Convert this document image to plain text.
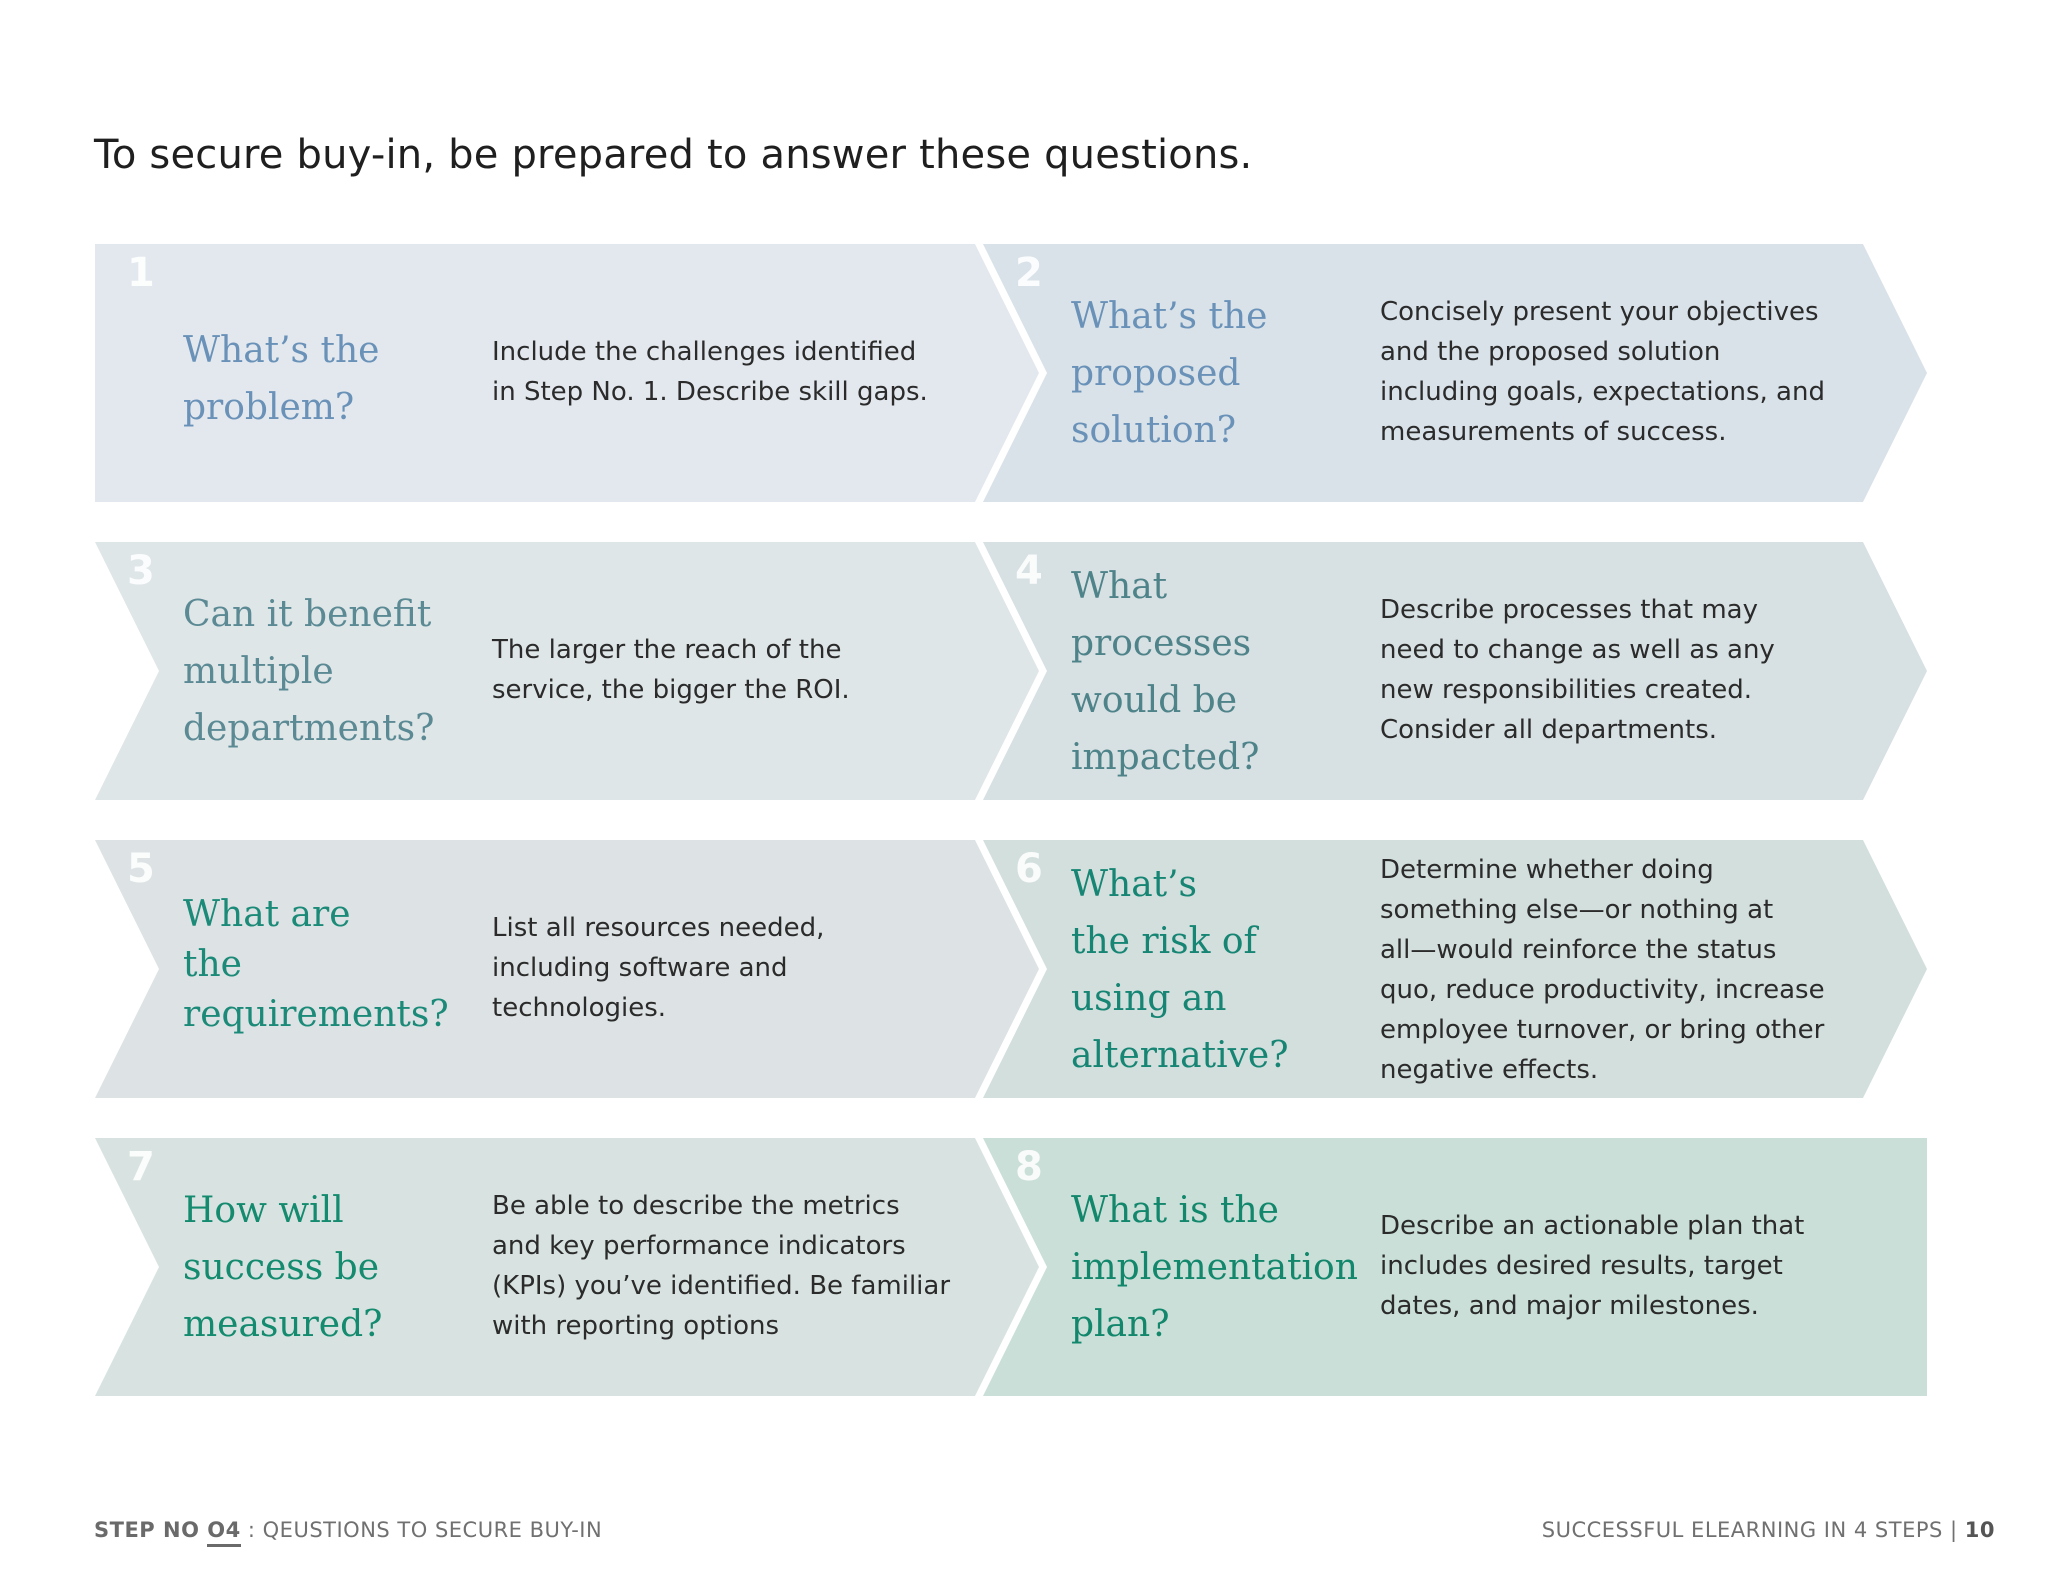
To secure buy-in, be prepared to answer these questions.
1
What’s the
problem?
Include the challenges identified
in Step No. 1. Describe skill gaps.
2
What’s the
proposed
solution?
Concisely present your objectives
and the proposed solution
including goals, expectations, and
measurements of success.
3
Can it benefit
multiple
departments?
The larger the reach of the
service, the bigger the ROI.
4 What
processes
would be
impacted?
Describe processes that may
need to change as well as any
new responsibilities created.
Consider all departments.
5
What are
the
requirements?
List all resources needed,
including software and
technologies.
6 What’s
the risk of
using an
alternative?
Determine whether doing
something else—or nothing at
all—would reinforce the status
quo, reduce productivity, increase
employee turnover, or bring other
negative effects.
7
How will
success be
measured?
Be able to describe the metrics
and key performance indicators
(KPIs) you’ve identified. Be familiar
with reporting options
8
What is the
implementation
plan?
Describe an actionable plan that
includes desired results, target
dates, and major milestones.
STEP NO O4 : QEUSTIONS TO SECURE BUY-IN	SUCCESSFUL ELEARNING IN 4 STEPS | 10
